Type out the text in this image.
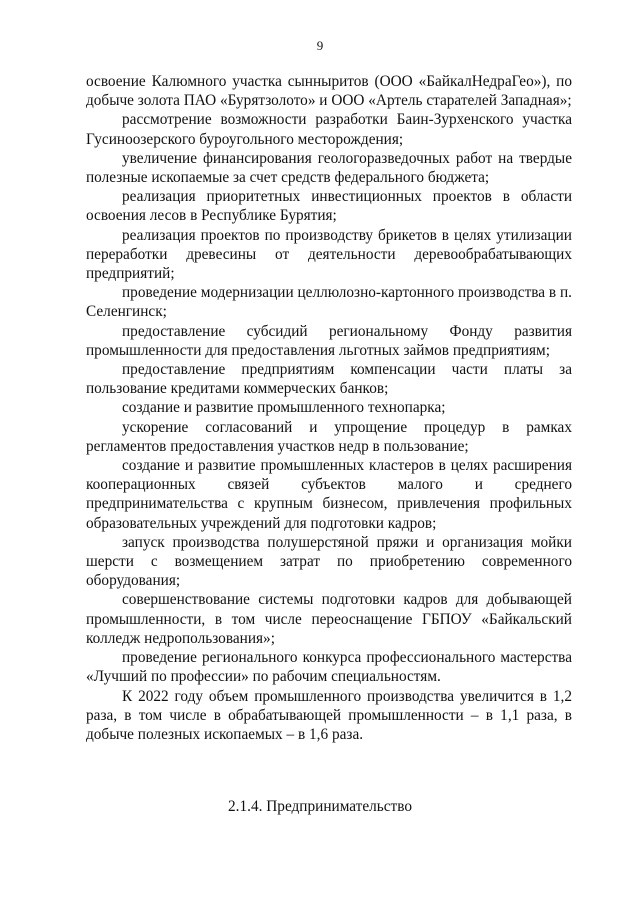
9

освоение Калюмного участка сынныритов (ООО «БайкалНедраГео»), по добыче золота ПАО «Бурятзолото» и ООО «Артель старателей Западная»;

рассмотрение возможности разработки Баин-Зурхенского участка Гусиноозерского буроугольного месторождения;

увеличение финансирования геологоразведочных работ на твердые полезные ископаемые за счет средств федерального бюджета;

реализация приоритетных инвестиционных проектов в области освоения лесов в Республике Бурятия;

реализация проектов по производству брикетов в целях утилизации переработки древесины от деятельности деревообрабатывающих предприятий;

проведение модернизации целлюлозно-картонного производства в п. Селенгинск;

предоставление субсидий региональному Фонду развития промышленности для предоставления льготных займов предприятиям;

предоставление предприятиям компенсации части платы за пользование кредитами коммерческих банков;

создание и развитие промышленного технопарка;

ускорение согласований и упрощение процедур в рамках регламентов предоставления участков недр в пользование;

создание и развитие промышленных кластеров в целях расширения кооперационных связей субъектов малого и среднего предпринимательства с крупным бизнесом, привлечения профильных образовательных учреждений для подготовки кадров;

запуск производства полушерстяной пряжи и организация мойки шерсти с возмещением затрат по приобретению современного оборудования;

совершенствование системы подготовки кадров для добывающей промышленности, в том числе переоснащение ГБПОУ «Байкальский колледж недропользования»;

проведение регионального конкурса профессионального мастерства «Лучший по профессии» по рабочим специальностям.

К 2022 году объем промышленного производства увеличится в 1,2 раза, в том числе в обрабатывающей промышленности – в 1,1 раза, в добыче полезных ископаемых – в 1,6 раза.

2.1.4. Предпринимательство
